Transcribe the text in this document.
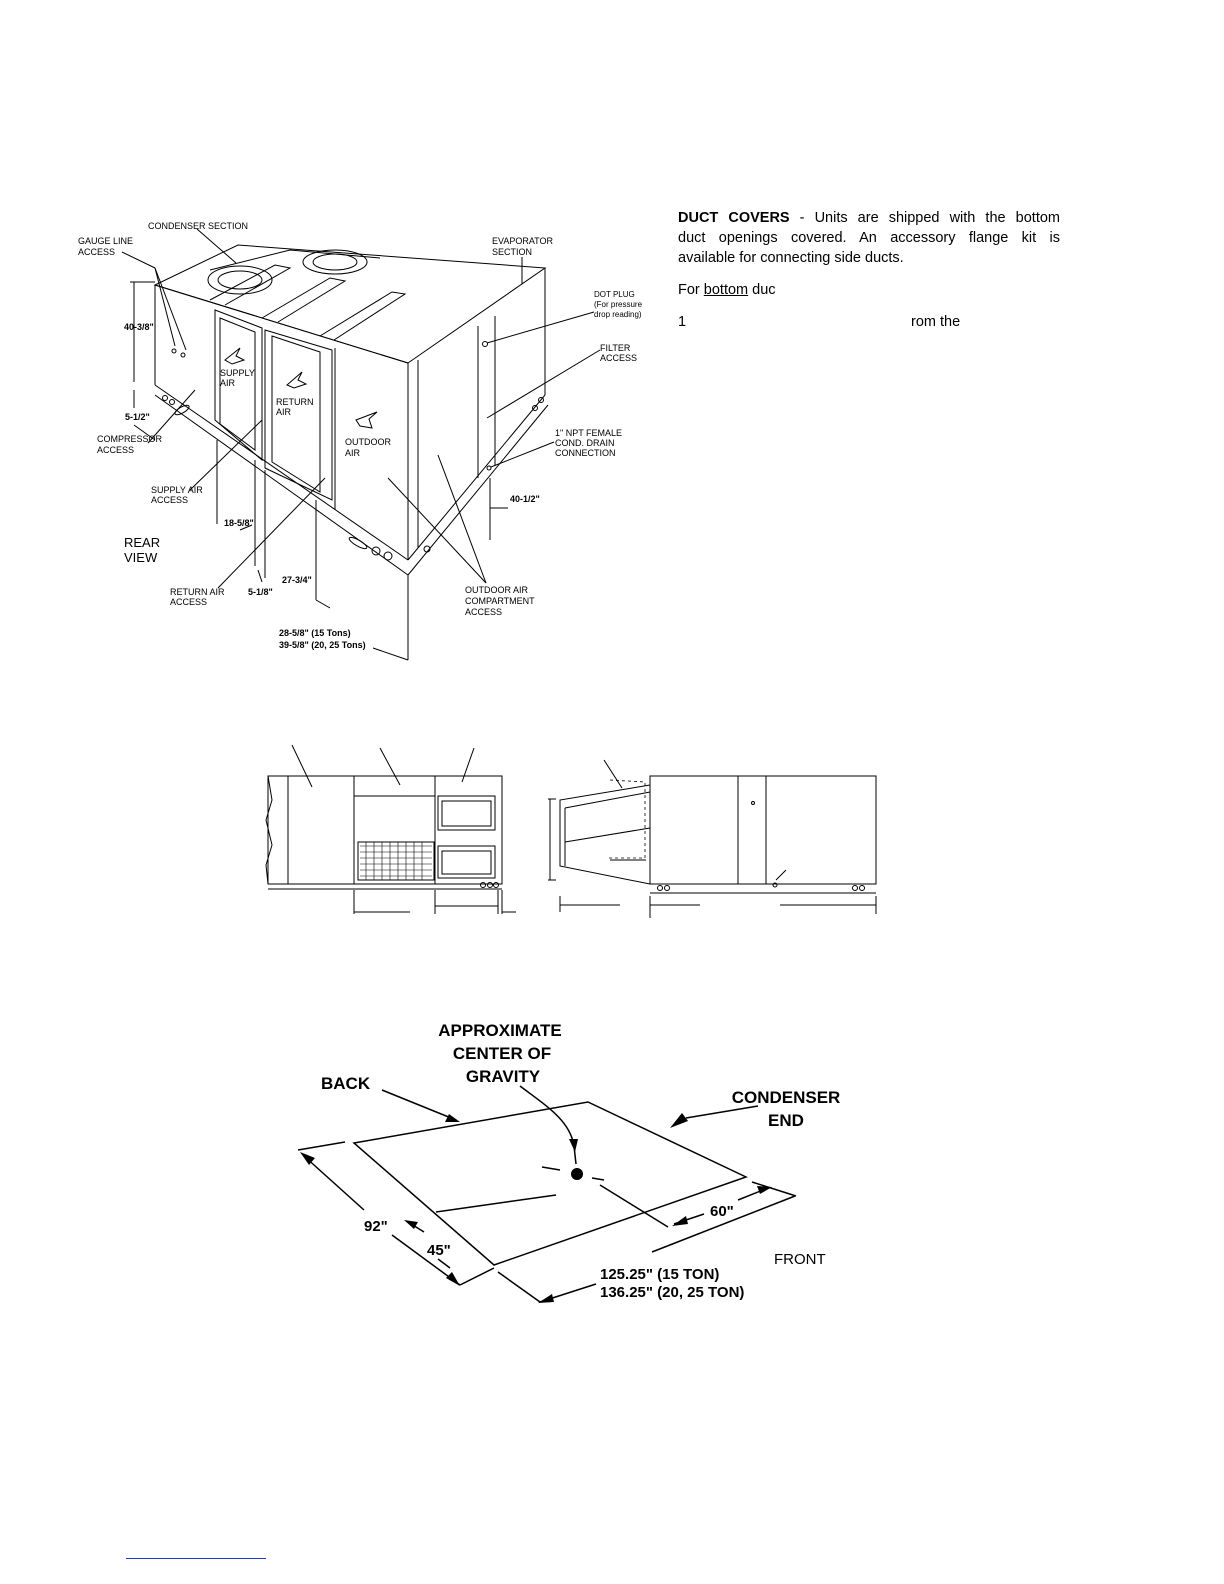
CONDENSER SECTION
GAUGE LINE
ACCESS
EVAPORATOR
SECTION
DOT PLUG
(For pressure
drop reading)
FILTER
ACCESS
SUPPLY
AIR
RETURN
AIR
OUTDOOR
AIR
1" NPT FEMALE
COND. DRAIN
CONNECTION
COMPRESSOR
ACCESS
SUPPLY AIR
ACCESS
RETURN AIR
ACCESS
OUTDOOR AIR
COMPARTMENT
ACCESS
REAR
VIEW
40-3/8"
5-1/2"
18-5/8"
27-3/4"
5-1/8"
40-1/2"
28-5/8" (15 Tons)
39-5/8" (20, 25 Tons)
APPROXIMATE
CENTER OF
GRAVITY
BACK
CONDENSER
END
FRONT
92"
45"
60"
125.25" (15 TON)
136.25" (20, 25 TON)
DUCT COVERS - Units are shipped with the bottom
duct openings covered. An accessory flange kit is
available for connecting side ducts.
For bottom duc
1	rom the
